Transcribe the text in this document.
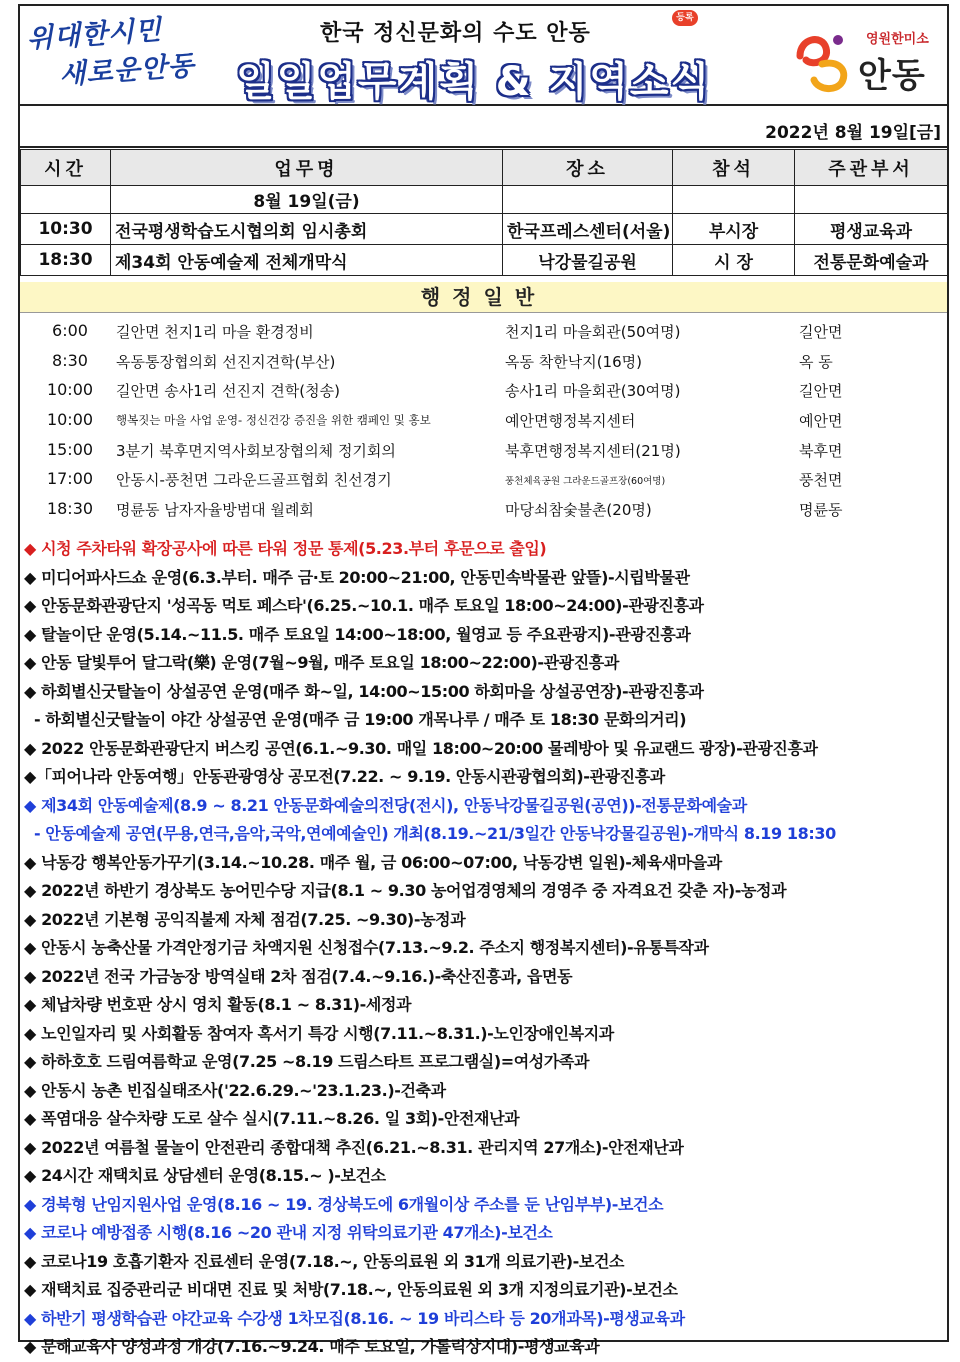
위대한시민
새로운안동
한국 정신문화의 수도 안동
등록
일일업무계획 & 지역소식
영원한미소
안동
2022년 8월 19일[금]
시간	업무명	장소	참석	주관부서
	8월 19일(금)			
10:30	전국평생학습도시협의회 임시총회	한국프레스센터(서울)	부시장	평생교육과
18:30	제34회 안동예술제 전체개막식	낙강물길공원	시 장	전통문화예술과
행정일반
6:00	길안면 천지1리 마을 환경정비	천지1리 마을회관(50여명)	길안면
8:30	옥동통장협의회 선진지견학(부산)	옥동 착한낙지(16명)	옥 동
10:00	길안면 송사1리 선진지 견학(청송)	송사1리 마을회관(30여명)	길안면
10:00	행복짓는 마을 사업 운영- 정신건강 증진을 위한 캠페인 및 홍보	예안면행정복지센터	예안면
15:00	3분기 북후면지역사회보장협의체 정기회의	북후면행정복지센터(21명)	북후면
17:00	안동시-풍천면 그라운드골프협회 친선경기	풍천체육공원 그라운드골프장(60여명)	풍천면
18:30	명륜동 남자자율방범대 월례회	마당쇠참숯불촌(20명)	명륜동
◆ 시청 주차타워 확장공사에 따른 타워 정문 통제(5.23.부터 후문으로 출입)
◆ 미디어파사드쇼 운영(6.3.부터. 매주 금·토 20:00~21:00, 안동민속박물관 앞뜰)-시립박물관
◆ 안동문화관광단지 '성곡동 먹토 페스타'(6.25.~10.1. 매주 토요일 18:00~24:00)-관광진흥과
◆ 탈놀이단 운영(5.14.~11.5. 매주 토요일 14:00~18:00, 월영교 등 주요관광지)-관광진흥과
◆ 안동 달빛투어 달그락(樂) 운영(7월~9월, 매주 토요일 18:00~22:00)-관광진흥과
◆ 하회별신굿탈놀이 상설공연 운영(매주 화~일, 14:00~15:00 하회마을 상설공연장)-관광진흥과
- 하회별신굿탈놀이 야간 상설공연 운영(매주 금 19:00 개목나루 / 매주 토 18:30 문화의거리)
◆ 2022 안동문화관광단지 버스킹 공연(6.1.~9.30. 매일 18:00~20:00 물레방아 및 유교랜드 광장)-관광진흥과
◆「피어나라 안동여행」안동관광영상 공모전(7.22. ~ 9.19. 안동시관광협의회)-관광진흥과
◆ 제34회 안동예술제(8.9 ~ 8.21 안동문화예술의전당(전시), 안동낙강물길공원(공연))-전통문화예술과
- 안동예술제 공연(무용,연극,음악,국악,연예예술인) 개최(8.19.~21/3일간 안동낙강물길공원)-개막식 8.19 18:30
◆ 낙동강 행복안동가꾸기(3.14.~10.28. 매주 월, 금 06:00~07:00, 낙동강변 일원)-체육새마을과
◆ 2022년 하반기 경상북도 농어민수당 지급(8.1 ~ 9.30 농어업경영체의 경영주 중 자격요건 갖춘 자)-농정과
◆ 2022년 기본형 공익직불제 자체 점검(7.25. ~9.30)-농정과
◆ 안동시 농축산물 가격안정기금 차액지원 신청접수(7.13.~9.2. 주소지 행정복지센터)-유통특작과
◆ 2022년 전국 가금농장 방역실태 2차 점검(7.4.~9.16.)-축산진흥과, 읍면동
◆ 체납차량 번호판 상시 영치 활동(8.1 ~ 8.31)-세정과
◆ 노인일자리 및 사회활동 참여자 혹서기 특강 시행(7.11.~8.31.)-노인장애인복지과
◆ 하하호호 드림여름학교 운영(7.25 ~8.19 드림스타트 프로그램실)=여성가족과
◆ 안동시 농촌 빈집실태조사('22.6.29.~'23.1.23.)-건축과
◆ 폭염대응 살수차량 도로 살수 실시(7.11.~8.26. 일 3회)-안전재난과
◆ 2022년 여름철 물놀이 안전관리 종합대책 추진(6.21.~8.31. 관리지역 27개소)-안전재난과
◆ 24시간 재택치료 상담센터 운영(8.15.~ )-보건소
◆ 경북형 난임지원사업 운영(8.16 ~ 19. 경상북도에 6개월이상 주소를 둔 난임부부)-보건소
◆ 코로나 예방접종 시행(8.16 ~20 관내 지정 위탁의료기관 47개소)-보건소
◆ 코로나19 호흡기환자 진료센터 운영(7.18.~, 안동의료원 외 31개 의료기관)-보건소
◆ 재택치료 집중관리군 비대면 진료 및 처방(7.18.~, 안동의료원 외 3개 지정의료기관)-보건소
◆ 하반기 평생학습관 야간교육 수강생 1차모집(8.16. ~ 19 바리스타 등 20개과목)-평생교육과
◆ 문해교육사 양성과정 개강(7.16.~9.24. 매주 토요일, 가톨릭상지대)-평생교육과
